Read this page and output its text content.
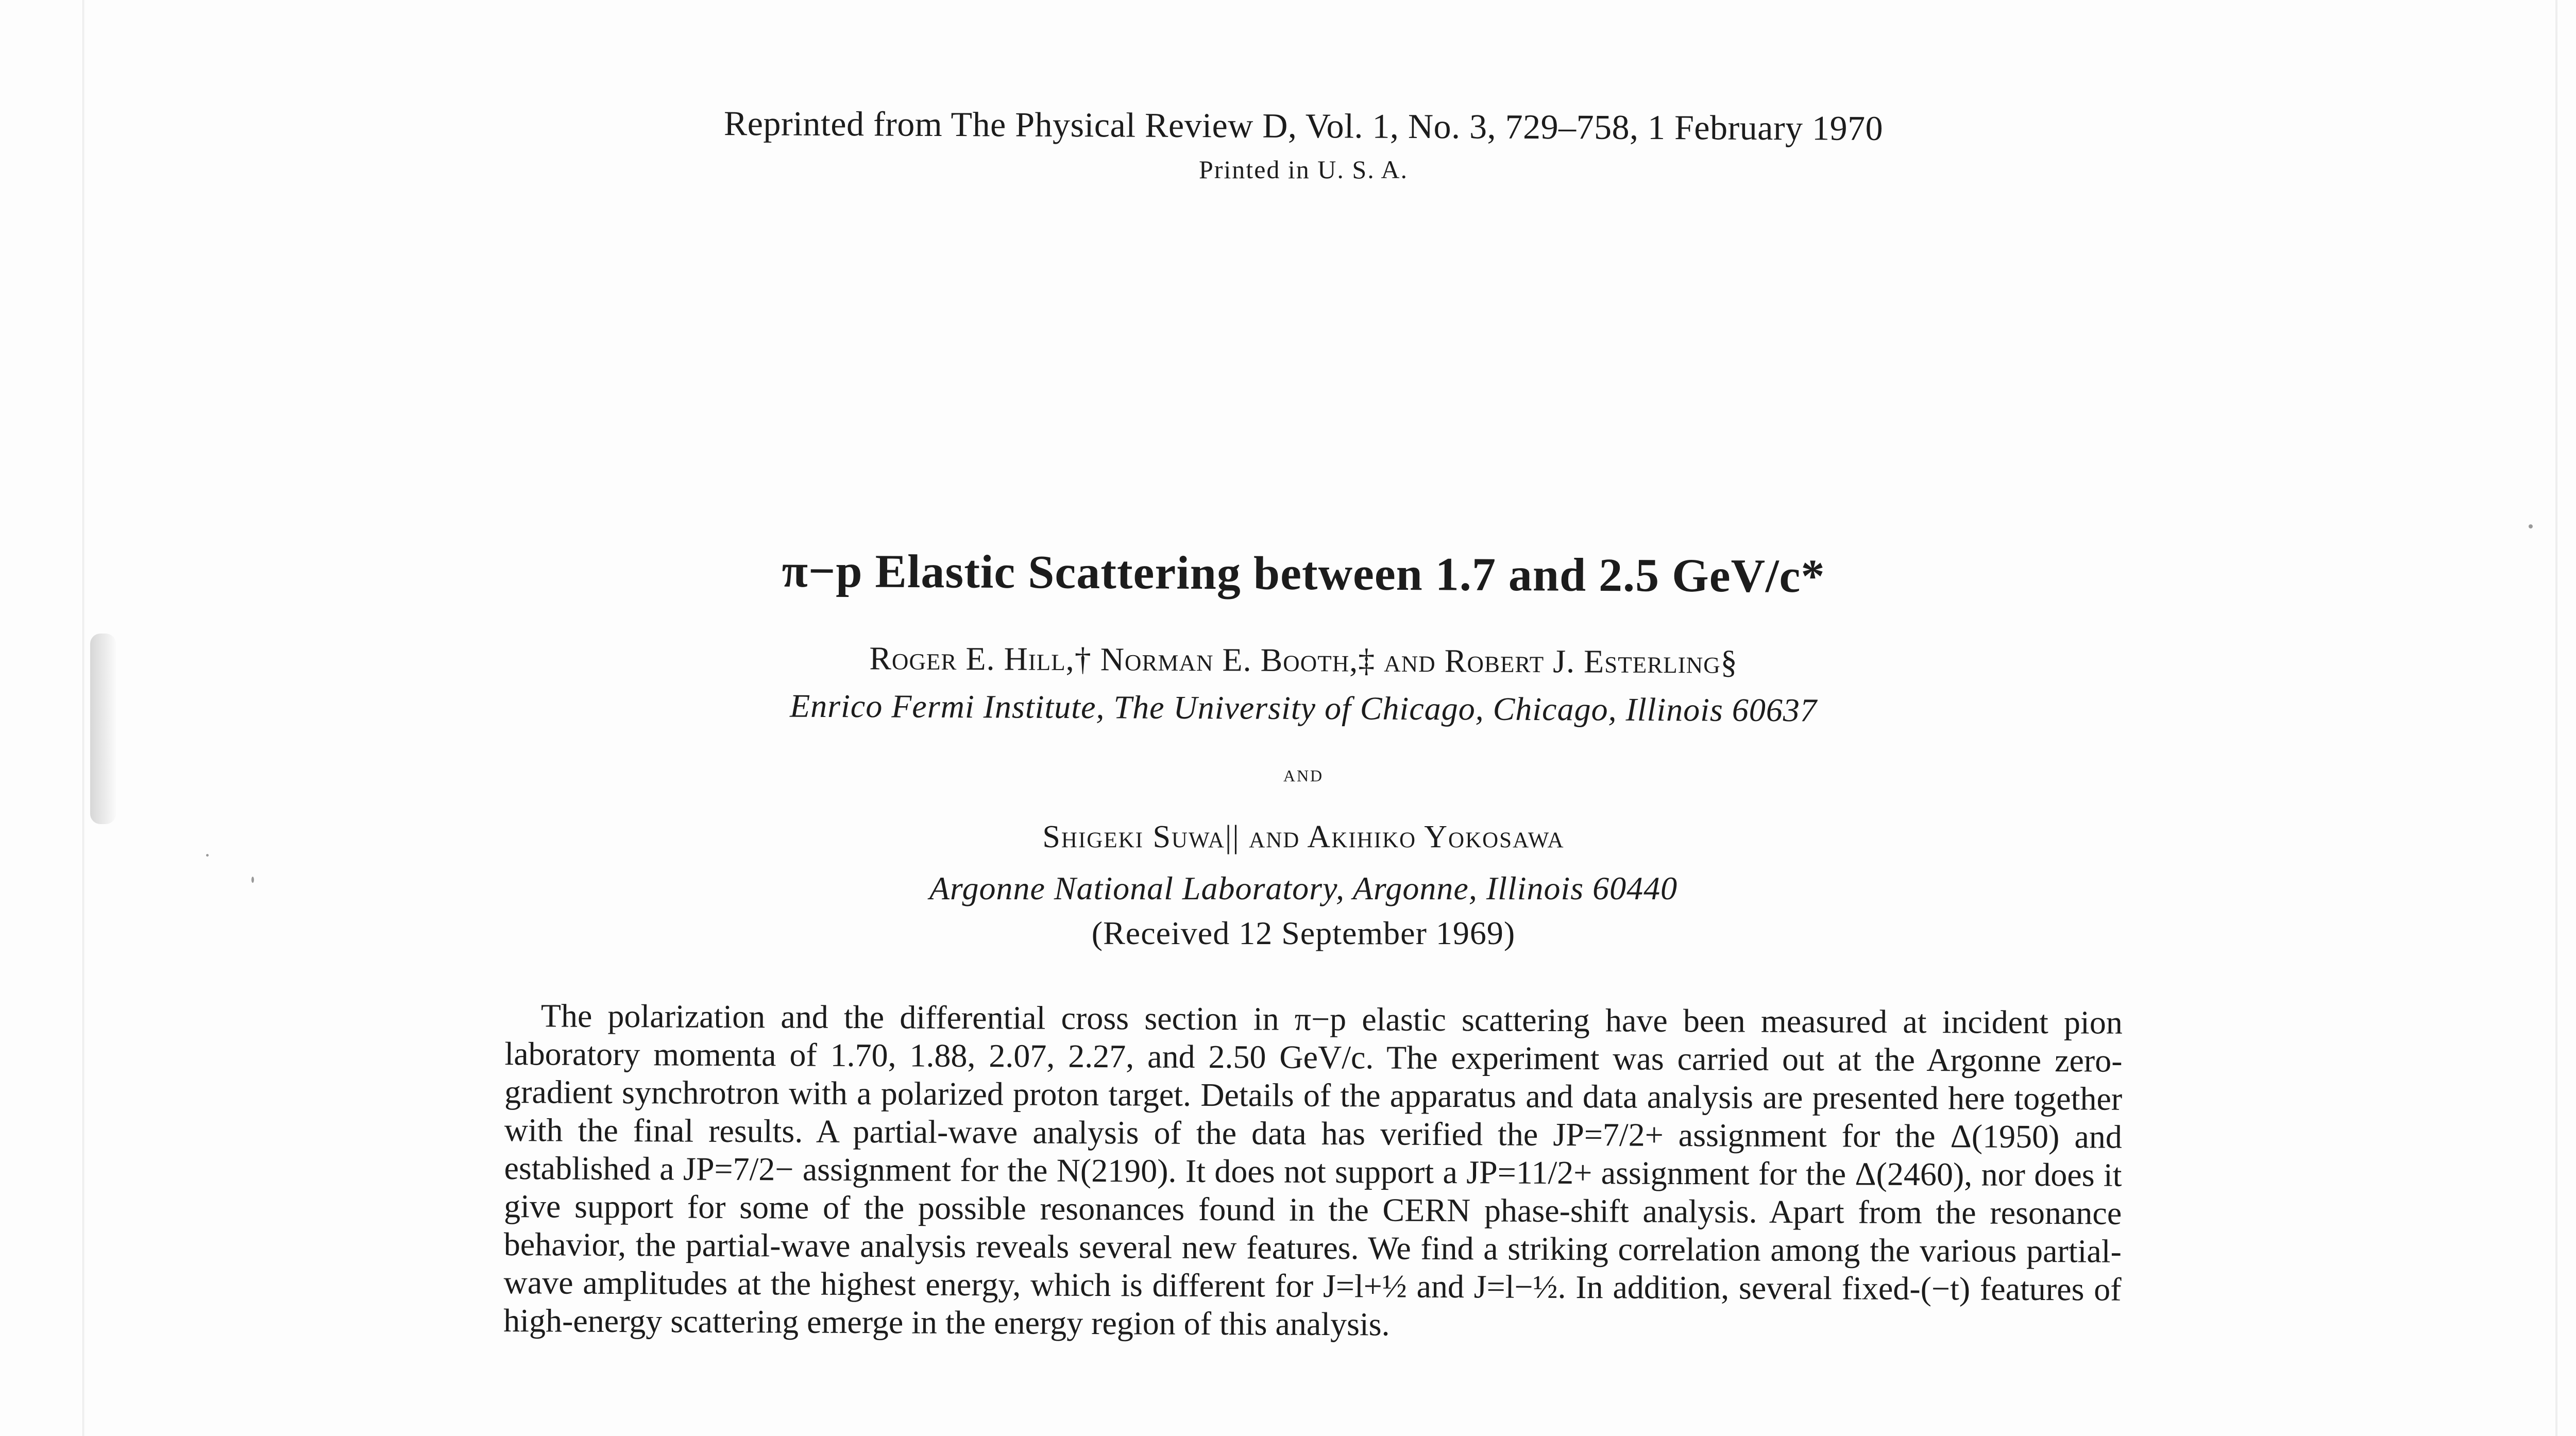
Reprinted from The Physical Review D, Vol. 1, No. 3, 729–758, 1 February 1970
Printed in U. S. A.
π−p Elastic Scattering between 1.7 and 2.5 GeV/c*
Roger E. Hill,† Norman E. Booth,‡ and Robert J. Esterling§
Enrico Fermi Institute, The University of Chicago, Chicago, Illinois 60637
and
Shigeki Suwa|| and Akihiko Yokosawa
Argonne National Laboratory, Argonne, Illinois 60440
(Received 12 September 1969)
The polarization and the differential cross section in π−p elastic scattering have been measured at incident pion laboratory momenta of 1.70, 1.88, 2.07, 2.27, and 2.50 GeV/c. The experiment was carried out at the Argonne zero-gradient synchrotron with a polarized proton target. Details of the apparatus and data analysis are presented here together with the final results. A partial-wave analysis of the data has verified the JP=7/2+ assignment for the Δ(1950) and established a JP=7/2− assignment for the N(2190). It does not support a JP=11/2+ assignment for the Δ(2460), nor does it give support for some of the possible resonances found in the CERN phase-shift analysis. Apart from the resonance behavior, the partial-wave analysis reveals several new features. We find a striking correlation among the various partial-wave amplitudes at the highest energy, which is different for J=l+½ and J=l−½. In addition, several fixed-(−t) features of high-energy scattering emerge in the energy region of this analysis.
